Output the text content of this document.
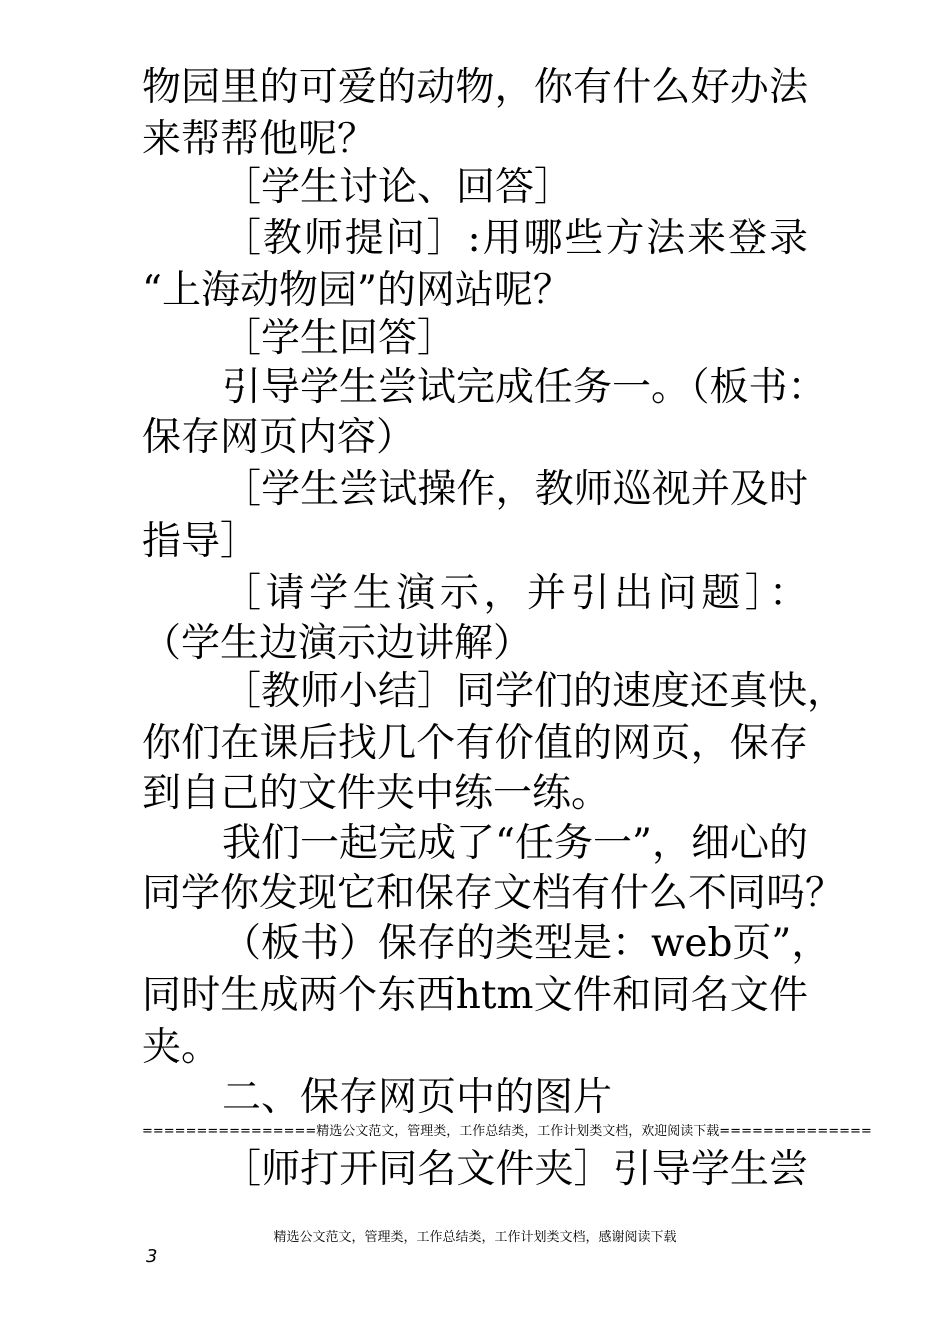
物园里的可爱的动物，你有什么好办法

来帮帮他呢？

［学生讨论、回答］

［教师提问］:用哪些方法来登录

“上海动物园”的网站呢？

［学生回答］

引导学生尝试完成任务一。（板书：

保存网页内容）

［学生尝试操作，教师巡视并及时

指导］

［请学生演示，并引出问题］：

（学生边演示边讲解）

［教师小结］同学们的速度还真快，

你们在课后找几个有价值的网页，保存

到自己的文件夹中练一练。

我们一起完成了“任务一”，细心的

同学你发现它和保存文档有什么不同吗？

（板书）保存的类型是：web页”，

同时生成两个东西htm文件和同名文件

夹。

二、保存网页中的图片

================精选公文范文，管理类，工作总结类，工作计划类文档，欢迎阅读下载==============

［师打开同名文件夹］引导学生尝

精选公文范文，管理类，工作总结类，工作计划类文档，感谢阅读下载
3
